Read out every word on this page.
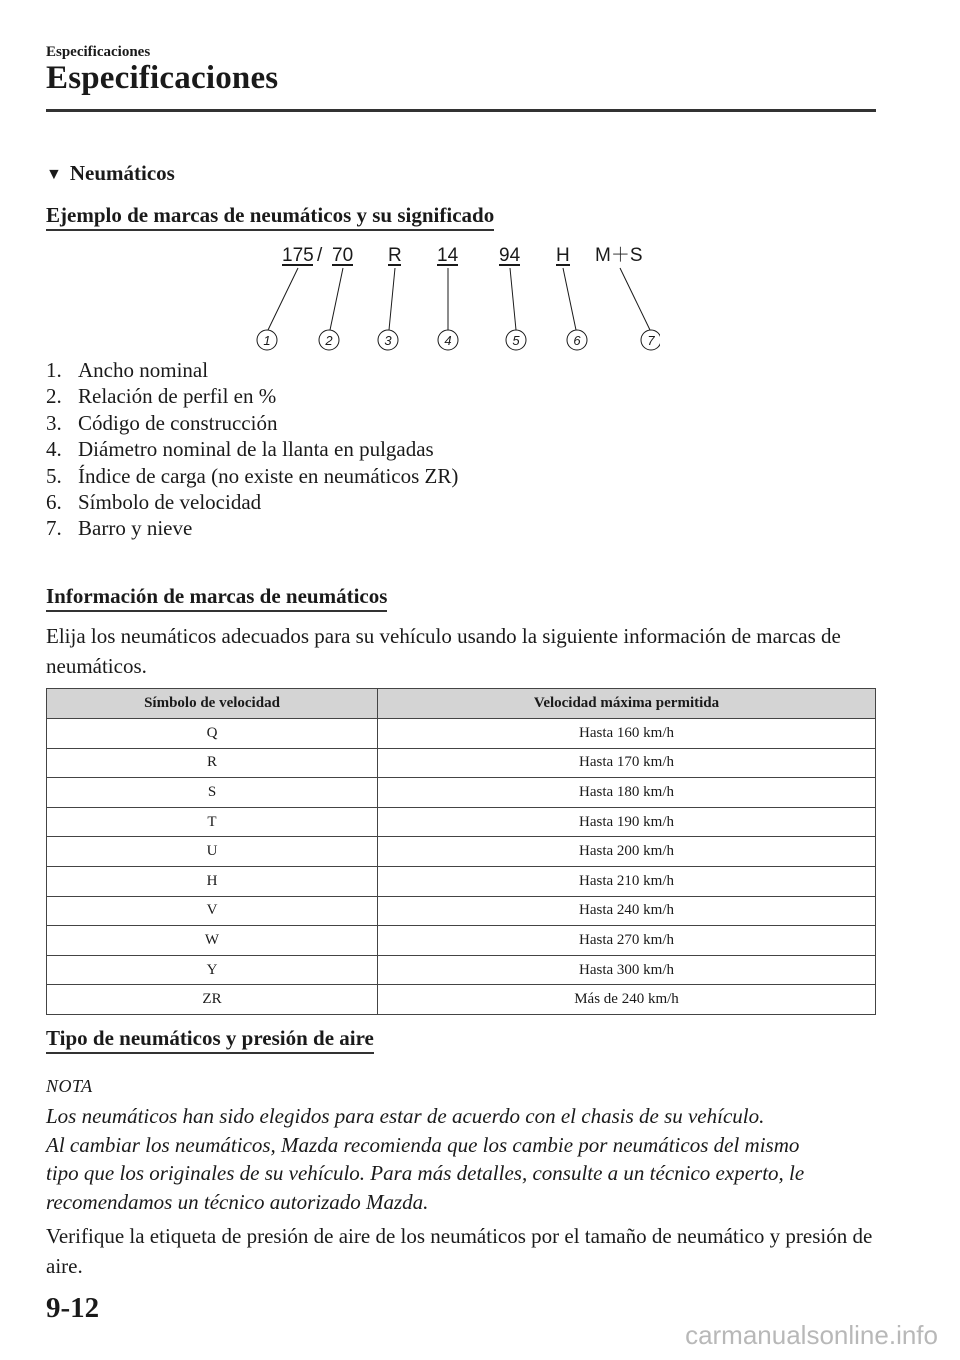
Especificaciones
Especificaciones
▼ Neumáticos
Ejemplo de marcas de neumáticos y su significado
175 / 70 R 14 94 H M＋S
1	2	3	4	5	6	7
1. Ancho nominal
2. Relación de perfil en %
3. Código de construcción
4. Diámetro nominal de la llanta en pulgadas
5. Índice de carga (no existe en neumáticos ZR)
6. Símbolo de velocidad
7. Barro y nieve
Información de marcas de neumáticos
Elija los neumáticos adecuados para su vehículo usando la siguiente información de marcas de neumáticos.
Símbolo de velocidad	Velocidad máxima permitida
Q	Hasta 160 km/h
R	Hasta 170 km/h
S	Hasta 180 km/h
T	Hasta 190 km/h
U	Hasta 200 km/h
H	Hasta 210 km/h
V	Hasta 240 km/h
W	Hasta 270 km/h
Y	Hasta 300 km/h
ZR	Más de 240 km/h
Tipo de neumáticos y presión de aire
NOTA
Los neumáticos han sido elegidos para estar de acuerdo con el chasis de su vehículo.
Al cambiar los neumáticos, Mazda recomienda que los cambie por neumáticos del mismo
tipo que los originales de su vehículo. Para más detalles, consulte a un técnico experto, le
recomendamos un técnico autorizado Mazda.
Verifique la etiqueta de presión de aire de los neumáticos por el tamaño de neumático y presión de aire.
9-12
carmanualsonline.info
